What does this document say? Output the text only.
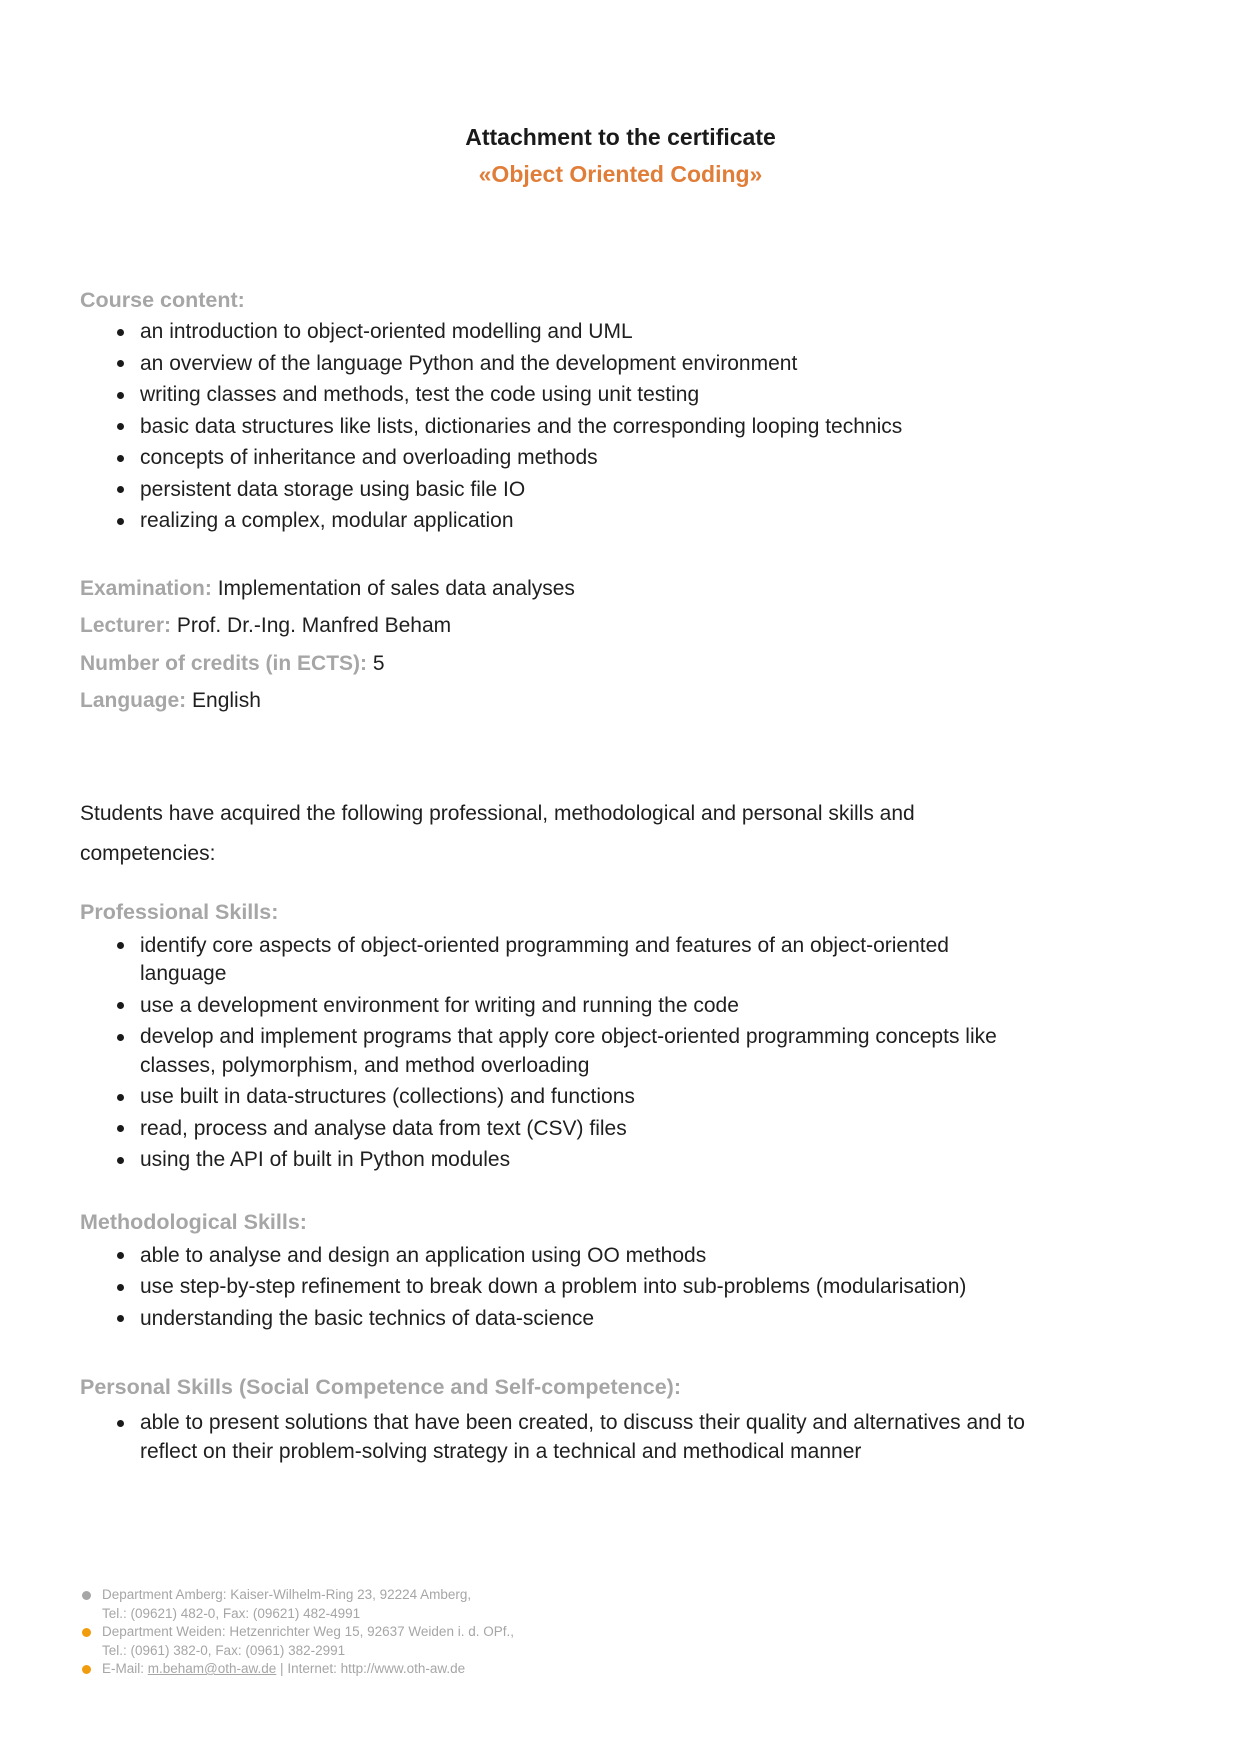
Attachment to the certificate
«Object Oriented Coding»
Course content:
an introduction to object-oriented modelling and UML
an overview of the language Python and the development environment
writing classes and methods, test the code using unit testing
basic data structures like lists, dictionaries and the corresponding looping technics
concepts of inheritance and overloading methods
persistent data storage using basic file IO
realizing a complex, modular application
Examination: Implementation of sales data analyses
Lecturer: Prof. Dr.-Ing. Manfred Beham
Number of credits (in ECTS): 5
Language: English
Students have acquired the following professional, methodological and personal skills and
competencies:
Professional Skills:
identify core aspects of object-oriented programming and features of an object-oriented
language
use a development environment for writing and running the code
develop and implement programs that apply core object-oriented programming concepts like
classes, polymorphism, and method overloading
use built in data-structures (collections) and functions
read, process and analyse data from text (CSV) files
using the API of built in Python modules
Methodological Skills:
able to analyse and design an application using OO methods
use step-by-step refinement to break down a problem into sub-problems (modularisation)
understanding the basic technics of data-science
Personal Skills (Social Competence and Self-competence):
able to present solutions that have been created, to discuss their quality and alternatives and to
reflect on their problem-solving strategy in a technical and methodical manner
Department Amberg: Kaiser-Wilhelm-Ring 23, 92224 Amberg,
Tel.: (09621) 482-0, Fax: (09621) 482-4991
Department Weiden: Hetzenrichter Weg 15, 92637 Weiden i. d. OPf.,
Tel.: (0961) 382-0, Fax: (0961) 382-2991
E-Mail: m.beham@oth-aw.de | Internet: http://www.oth-aw.de
